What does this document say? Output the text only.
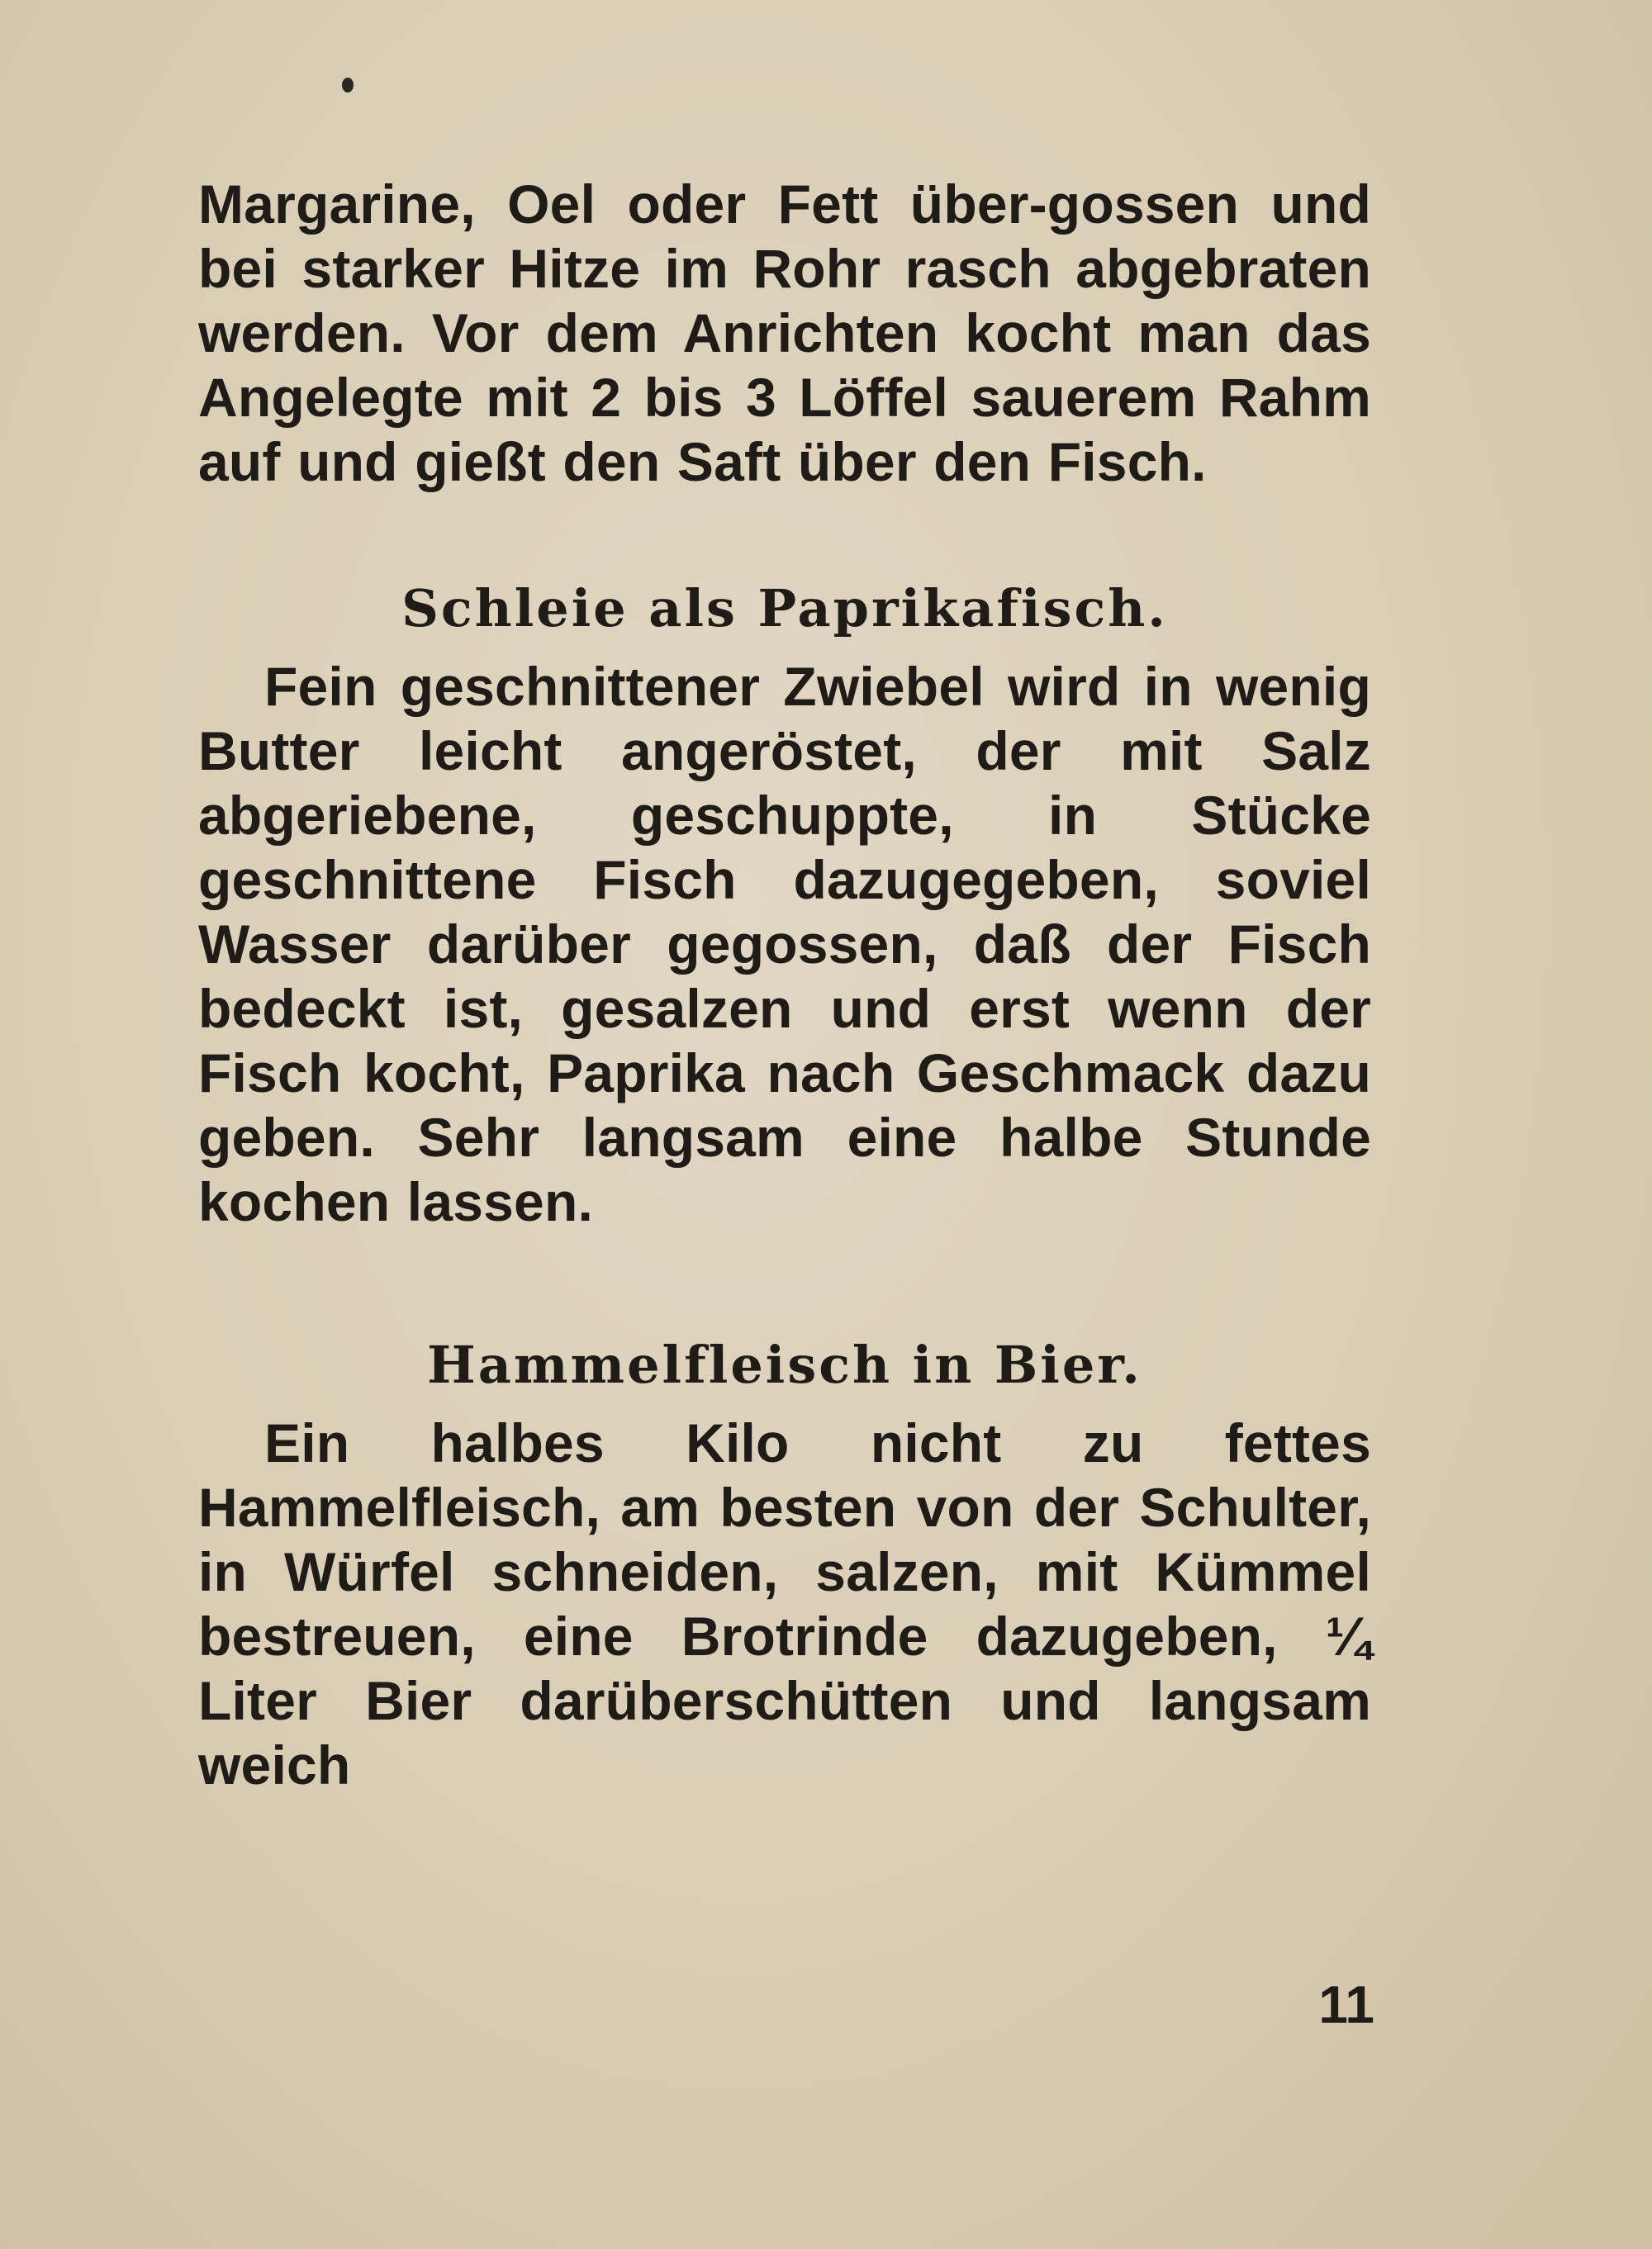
Margarine, Oel oder Fett über-gossen und bei starker Hitze im Rohr rasch abgebraten werden. Vor dem Anrichten kocht man das Angelegte mit 2 bis 3 Löffel sauerem Rahm auf und gießt den Saft über den Fisch.

Schleie als Paprikafisch.

Fein geschnittener Zwiebel wird in wenig Butter leicht angeröstet, der mit Salz abgeriebene, geschuppte, in Stücke geschnittene Fisch dazugegeben, soviel Wasser darüber gegossen, daß der Fisch bedeckt ist, gesalzen und erst wenn der Fisch kocht, Paprika nach Geschmack dazu geben. Sehr langsam eine halbe Stunde kochen lassen.

Hammelfleisch in Bier.

Ein halbes Kilo nicht zu fettes Hammelfleisch, am besten von der Schulter, in Würfel schneiden, salzen, mit Kümmel bestreuen, eine Brotrinde dazugeben, ¼ Liter Bier darüberschütten und langsam weich

11
